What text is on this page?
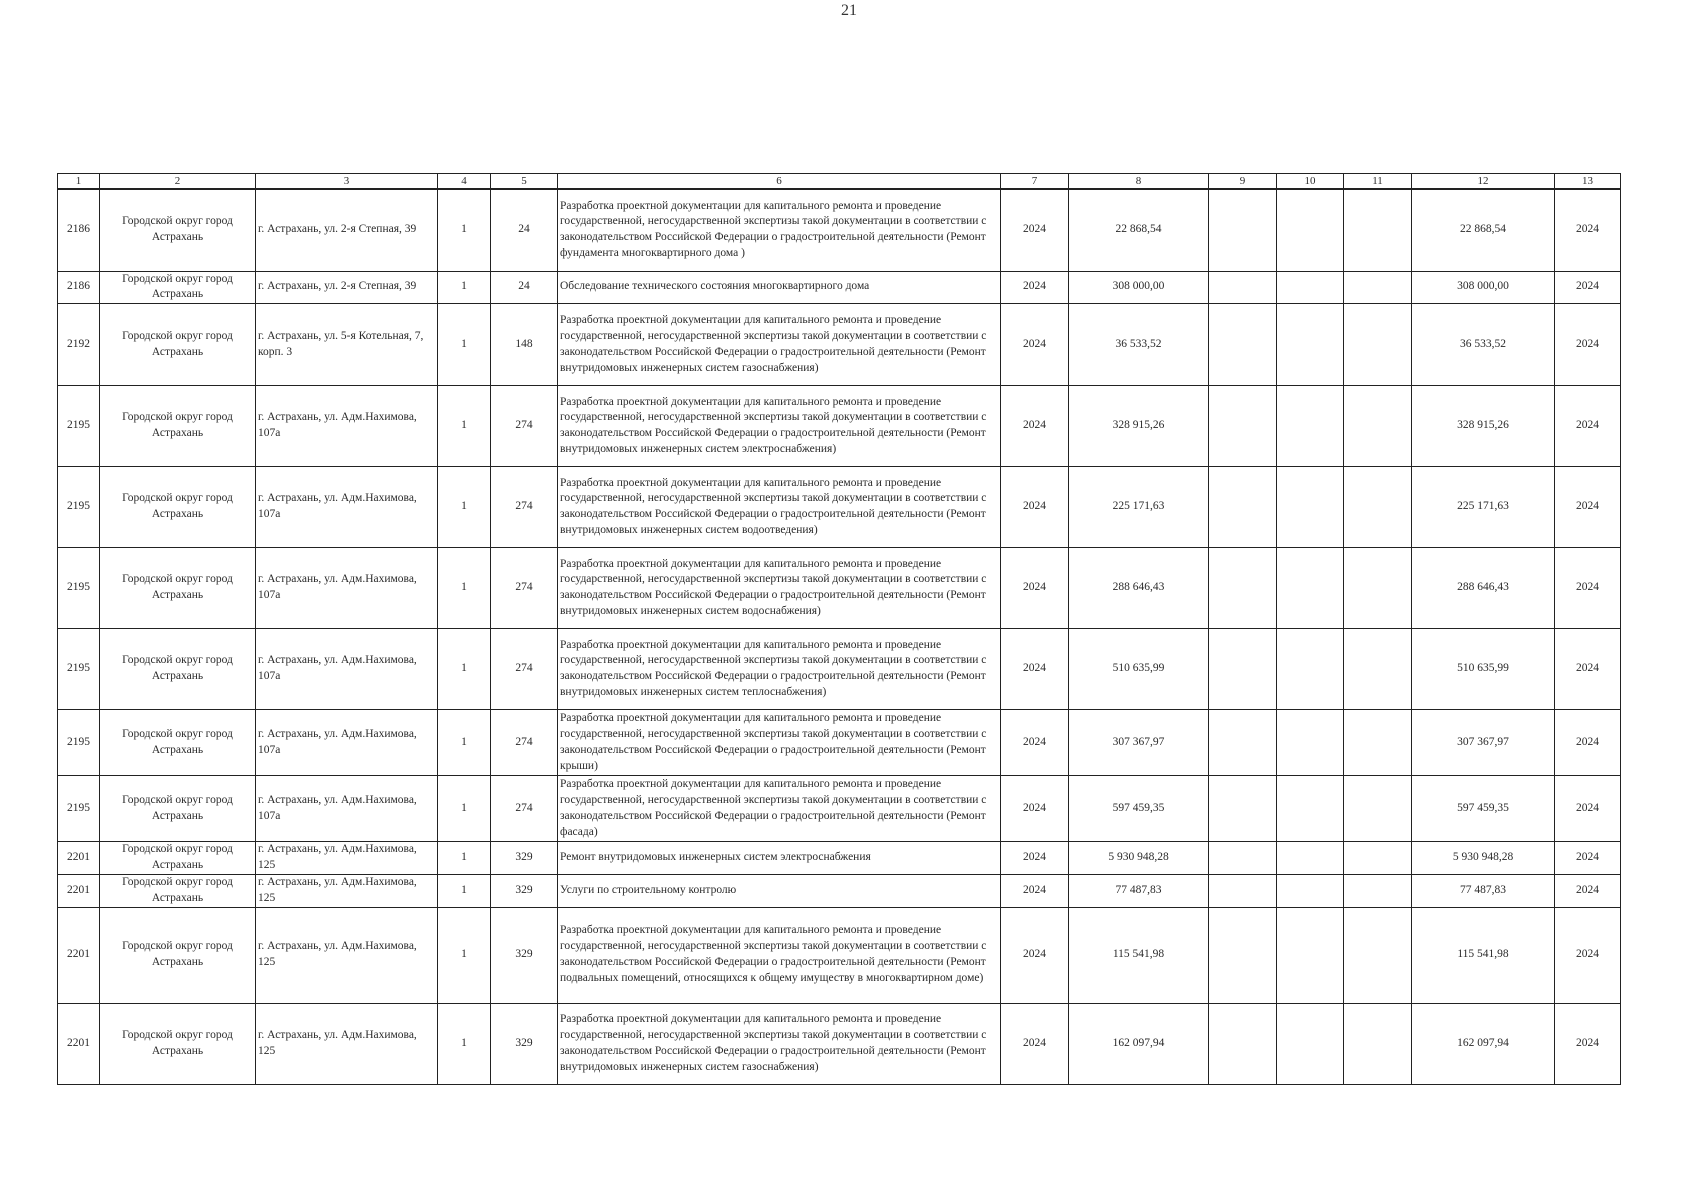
21
1	2	3	4	5	6	7	8	9	10	11	12	13
2186	Городской округ город Астрахань	г. Астрахань, ул. 2-я Степная, 39	1	24	Разработка проектной документации для капитального ремонта и проведение государственной, негосударственной экспертизы такой документации в соответствии с законодательством Российской Федерации о градостроительной деятельности (Ремонт фундамента многоквартирного дома )	2024	22 868,54				22 868,54	2024
2186	Городской округ город Астрахань	г. Астрахань, ул. 2-я Степная, 39	1	24	Обследование технического состояния многоквартирного дома	2024	308 000,00				308 000,00	2024
2192	Городской округ город Астрахань	г. Астрахань, ул. 5-я Котельная, 7, корп. 3	1	148	Разработка проектной документации для капитального ремонта и проведение государственной, негосударственной экспертизы такой документации в соответствии с законодательством Российской Федерации о градостроительной деятельности (Ремонт внутридомовых инженерных систем газоснабжения)	2024	36 533,52				36 533,52	2024
2195	Городской округ город Астрахань	г. Астрахань, ул. Адм.Нахимова, 107а	1	274	Разработка проектной документации для капитального ремонта и проведение государственной, негосударственной экспертизы такой документации в соответствии с законодательством Российской Федерации о градостроительной деятельности (Ремонт внутридомовых инженерных систем электроснабжения)	2024	328 915,26				328 915,26	2024
2195	Городской округ город Астрахань	г. Астрахань, ул. Адм.Нахимова, 107а	1	274	Разработка проектной документации для капитального ремонта и проведение государственной, негосударственной экспертизы такой документации в соответствии с законодательством Российской Федерации о градостроительной деятельности (Ремонт внутридомовых инженерных систем водоотведения)	2024	225 171,63				225 171,63	2024
2195	Городской округ город Астрахань	г. Астрахань, ул. Адм.Нахимова, 107а	1	274	Разработка проектной документации для капитального ремонта и проведение государственной, негосударственной экспертизы такой документации в соответствии с законодательством Российской Федерации о градостроительной деятельности (Ремонт внутридомовых инженерных систем водоснабжения)	2024	288 646,43				288 646,43	2024
2195	Городской округ город Астрахань	г. Астрахань, ул. Адм.Нахимова, 107а	1	274	Разработка проектной документации для капитального ремонта и проведение государственной, негосударственной экспертизы такой документации в соответствии с законодательством Российской Федерации о градостроительной деятельности (Ремонт внутридомовых инженерных систем теплоснабжения)	2024	510 635,99				510 635,99	2024
2195	Городской округ город Астрахань	г. Астрахань, ул. Адм.Нахимова, 107а	1	274	Разработка проектной документации для капитального ремонта и проведение государственной, негосударственной экспертизы такой документации в соответствии с законодательством Российской Федерации о градостроительной деятельности (Ремонт крыши)	2024	307 367,97				307 367,97	2024
2195	Городской округ город Астрахань	г. Астрахань, ул. Адм.Нахимова, 107а	1	274	Разработка проектной документации для капитального ремонта и проведение государственной, негосударственной экспертизы такой документации в соответствии с законодательством Российской Федерации о градостроительной деятельности (Ремонт фасада)	2024	597 459,35				597 459,35	2024
2201	Городской округ город Астрахань	г. Астрахань, ул. Адм.Нахимова, 125	1	329	Ремонт внутридомовых инженерных систем электроснабжения	2024	5 930 948,28				5 930 948,28	2024
2201	Городской округ город Астрахань	г. Астрахань, ул. Адм.Нахимова, 125	1	329	Услуги по строительному контролю	2024	77 487,83				77 487,83	2024
2201	Городской округ город Астрахань	г. Астрахань, ул. Адм.Нахимова, 125	1	329	Разработка проектной документации для капитального ремонта и проведение государственной, негосударственной экспертизы такой документации в соответствии с законодательством Российской Федерации о градостроительной деятельности (Ремонт подвальных помещений, относящихся к общему имуществу в многоквартирном доме)	2024	115 541,98				115 541,98	2024
2201	Городской округ город Астрахань	г. Астрахань, ул. Адм.Нахимова, 125	1	329	Разработка проектной документации для капитального ремонта и проведение государственной, негосударственной экспертизы такой документации в соответствии с законодательством Российской Федерации о градостроительной деятельности (Ремонт внутридомовых инженерных систем газоснабжения)	2024	162 097,94				162 097,94	2024
